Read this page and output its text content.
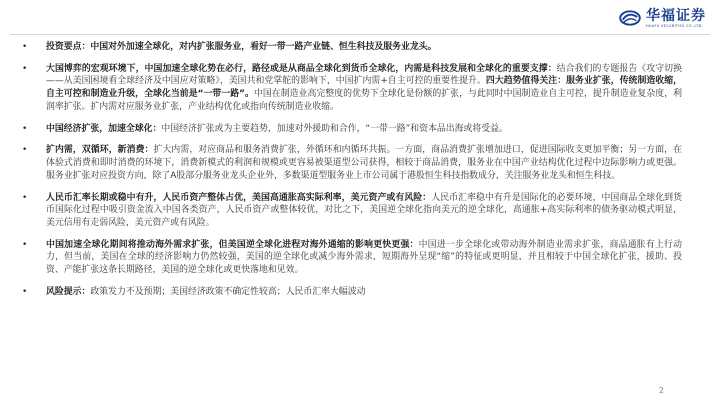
华福证券
HUAFU SECURITIES CO.,LTD.
• 投资要点：中国对外加速全球化，对内扩张服务业，看好一带一路产业链、恒生科技及服务业龙头。
• 大国博弈的宏观环境下，中国加速全球化势在必行，路径或是从商品全球化到货币全球化，内需是科技发展和全球化的重要支撑：结合我们的专题报告《攻守切换——从美国困境看全球经济及中国应对策略》，美国共和党掌舵的影响下，中国扩内需+自主可控的重要性提升。四大趋势值得关注：服务业扩张，传统制造收缩，自主可控和制造业升级，全球化当前是“一带一路”。中国在制造业高完整度的优势下全球化是份额的扩张，与此同时中国制造业自主可控，提升制造业复杂度，利润率扩张。扩内需对应服务业扩张，产业结构优化或指向传统制造业收缩。
• 中国经济扩张，加速全球化：中国经济扩张或为主要趋势，加速对外援助和合作，“一带一路”和资本品出海或将受益。
• 扩内需，双循环，新消费：扩大内需，对应商品和服务消费扩张，外循环和内循环共振。一方面，商品消费扩张增加进口，促进国际收支更加平衡；另一方面，在体验式消费和即时消费的环境下，消费新模式的利润和规模或更容易被渠道型公司获得，相较于商品消费，服务业在中国产业结构优化过程中边际影响力或更强。服务业扩张对应投资方向，除了A股部分服务业龙头企业外，多数渠道型服务业上市公司属于港股恒生科技指数成分，关注服务业龙头和恒生科技。
• 人民币汇率长期或稳中有升，人民币资产整体占优，美国高通胀高实际利率，美元资产或有风险：人民币汇率稳中有升是国际化的必要环境，中国商品全球化到货币国际化过程中吸引资金流入中国各类资产，人民币资产或整体较优，对比之下，美国逆全球化指向美元的逆全球化，高通胀+高实际利率的债务驱动模式明显，美元信用有走弱风险，美元资产或有风险。
• 中国加速全球化期间将推动海外需求扩张，但美国逆全球化进程对海外通缩的影响更快更强：中国进一步全球化或带动海外制造业需求扩张，商品通胀有上行动力，但当前，美国在全球的经济影响力仍然较强，美国的逆全球化或减少海外需求，短期海外呈现“缩”的特征或更明显，并且相较于中国全球化扩张，援助、投资、产能扩张这条长期路径，美国的逆全球化或更快落地和见效。
• 风险提示：政策发力不及预期；美国经济政策不确定性较高；人民币汇率大幅波动
2
